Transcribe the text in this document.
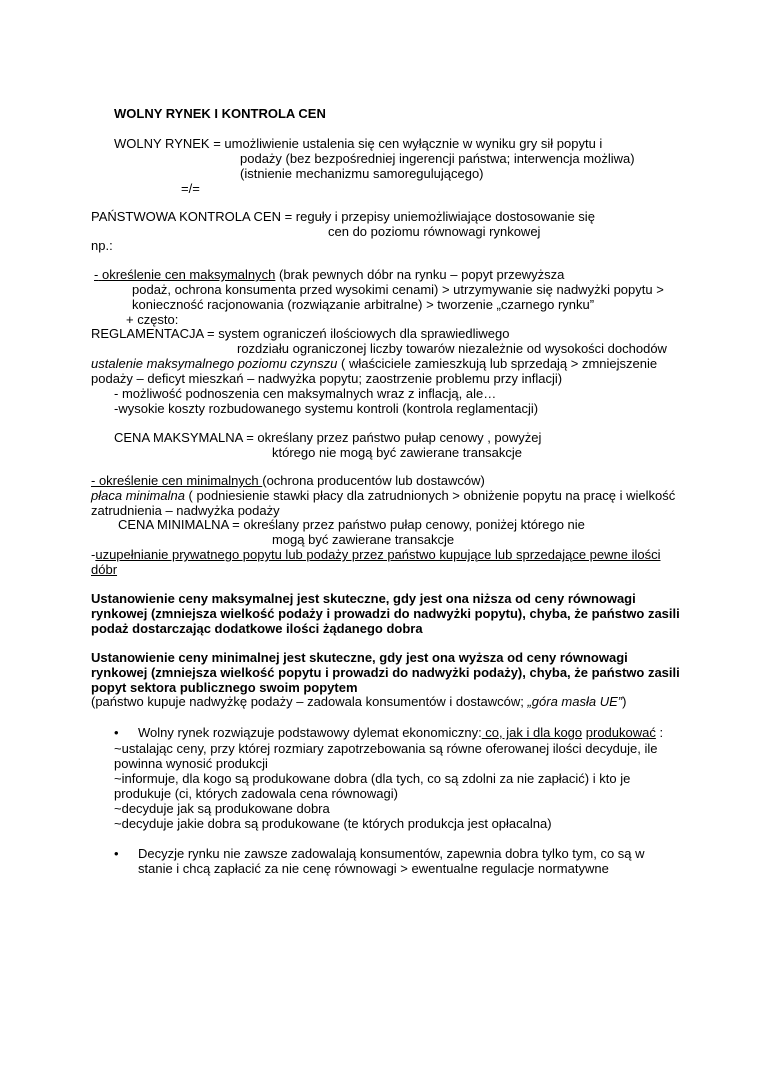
WOLNY RYNEK I KONTROLA CEN
WOLNY RYNEK = umożliwienie ustalenia się cen wyłącznie w wyniku gry sił popytu i
podaży (bez bezpośredniej ingerencji państwa; interwencja możliwa)
(istnienie mechanizmu samoregulującego)
=/=
PAŃSTWOWA KONTROLA CEN = reguły i przepisy uniemożliwiające dostosowanie się
cen do poziomu równowagi rynkowej
np.:
- określenie cen maksymalnych (brak pewnych dóbr na rynku – popyt przewyższa
podaż, ochrona konsumenta przed wysokimi cenami) > utrzymywanie się nadwyżki popytu >
konieczność racjonowania (rozwiązanie arbitralne) > tworzenie „czarnego rynku”
+ często:
REGLAMENTACJA = system ograniczeń ilościowych dla sprawiedliwego
rozdziału ograniczonej liczby towarów niezależnie od wysokości dochodów
ustalenie maksymalnego poziomu czynszu ( właściciele zamieszkują lub sprzedają > zmniejszenie
podaży – deficyt mieszkań – nadwyżka popytu; zaostrzenie problemu przy inflacji)
- możliwość podnoszenia cen maksymalnych wraz z inflacją, ale…
-wysokie koszty rozbudowanego systemu kontroli (kontrola reglamentacji)
CENA MAKSYMALNA = określany przez państwo pułap cenowy , powyżej
którego nie mogą być zawierane transakcje
- określenie cen minimalnych (ochrona producentów lub dostawców)
płaca minimalna ( podniesienie stawki płacy dla zatrudnionych > obniżenie popytu na pracę i wielkość
zatrudnienia – nadwyżka podaży
CENA MINIMALNA = określany przez państwo pułap cenowy, poniżej którego nie
mogą być zawierane transakcje
-uzupełnianie prywatnego popytu lub podaży przez państwo kupujące lub sprzedające pewne ilości
dóbr
Ustanowienie ceny maksymalnej jest skuteczne, gdy jest ona niższa od ceny równowagi
rynkowej (zmniejsza wielkość podaży i prowadzi do nadwyżki popytu), chyba, że państwo zasili
podaż dostarczając dodatkowe ilości żądanego dobra
Ustanowienie ceny minimalnej jest skuteczne, gdy jest ona wyższa od ceny równowagi
rynkowej (zmniejsza wielkość popytu i prowadzi do nadwyżki podaży), chyba, że państwo zasili
popyt sektora publicznego swoim popytem
(państwo kupuje nadwyżkę podaży – zadowala konsumentów i dostawców; „góra masła UE”)
• Wolny rynek rozwiązuje podstawowy dylemat ekonomiczny: co, jak i dla kogo produkować :
~ustalając ceny, przy której rozmiary zapotrzebowania są równe oferowanej ilości decyduje, ile
powinna wynosić produkcji
~informuje, dla kogo są produkowane dobra (dla tych, co są zdolni za nie zapłacić) i kto je
produkuje (ci, których zadowala cena równowagi)
~decyduje jak są produkowane dobra
~decyduje jakie dobra są produkowane (te których produkcja jest opłacalna)
• Decyzje rynku nie zawsze zadowalają konsumentów, zapewnia dobra tylko tym, co są w
stanie i chcą zapłacić za nie cenę równowagi > ewentualne regulacje normatywne
